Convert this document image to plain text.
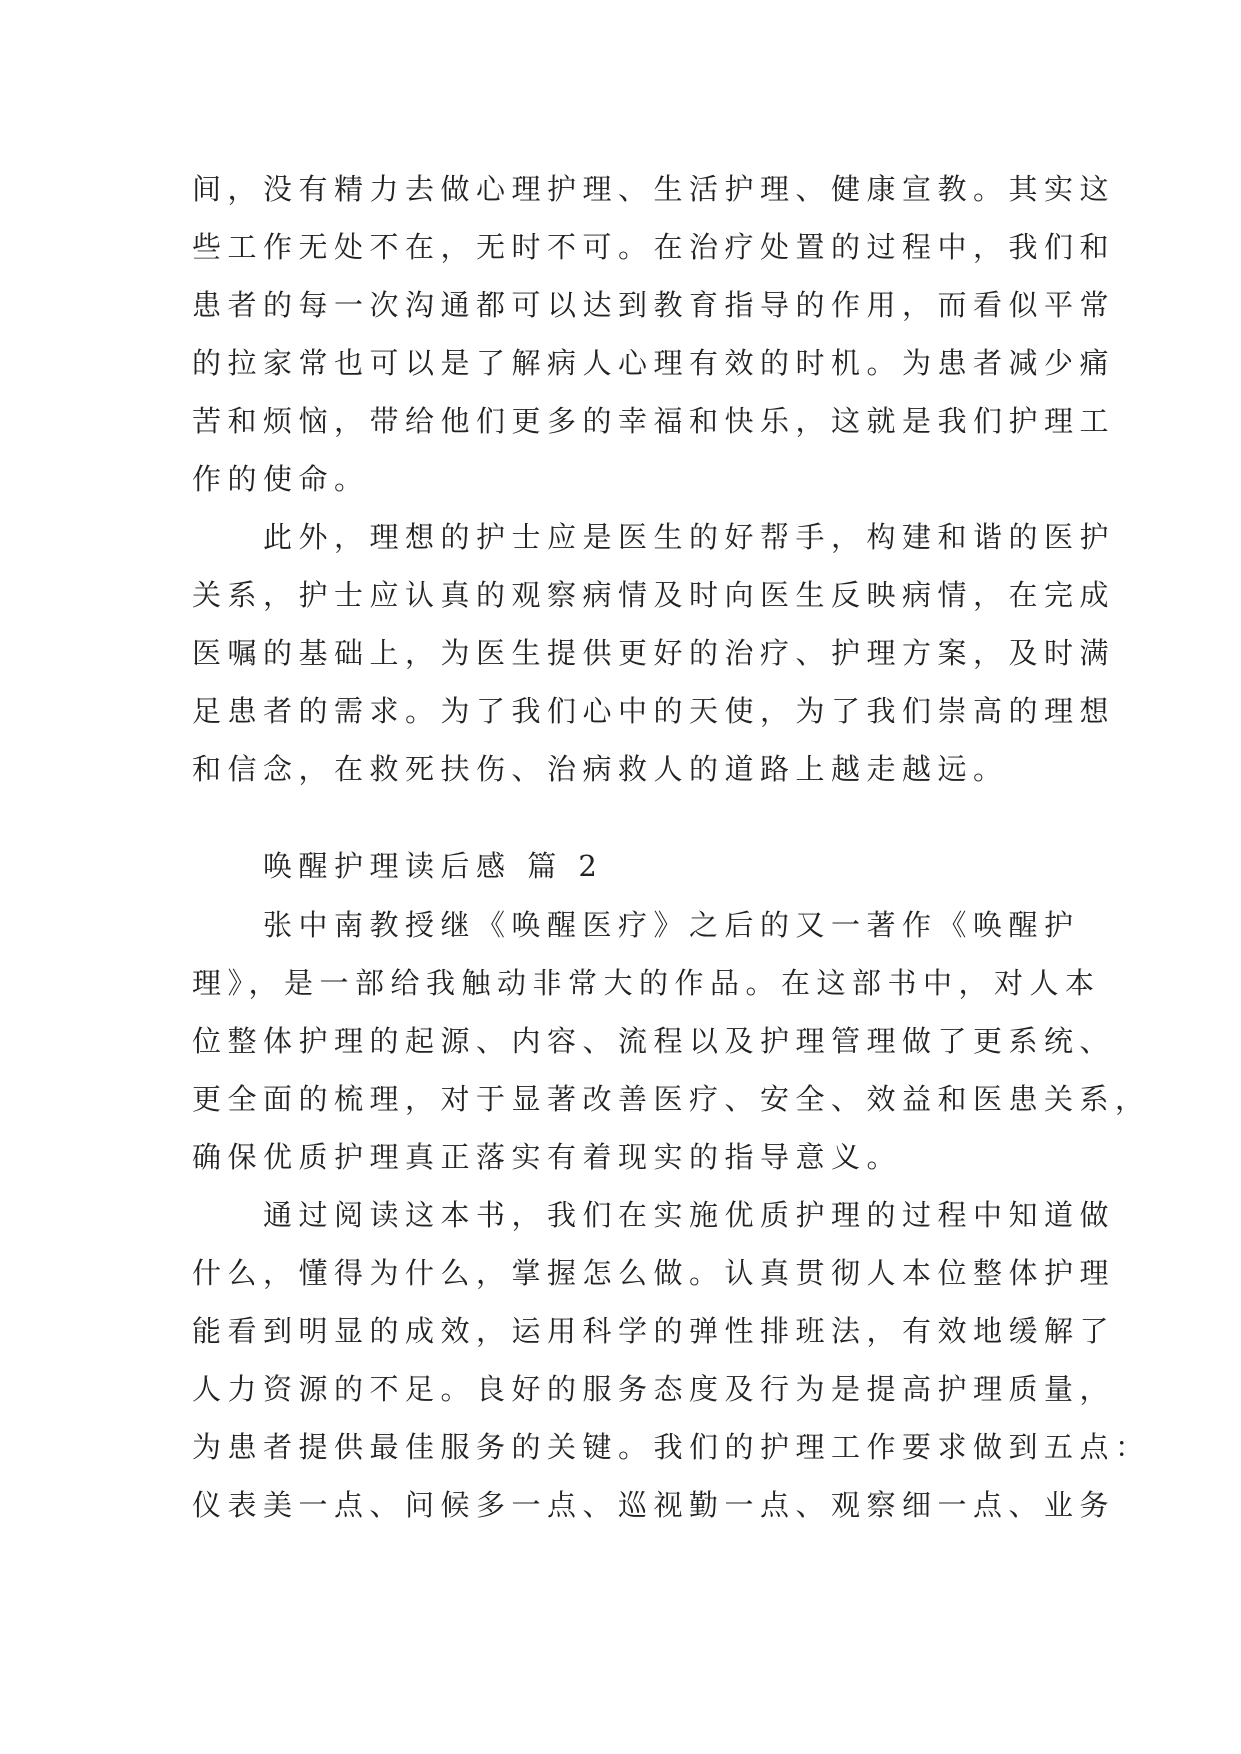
间，没有精力去做心理护理、生活护理、健康宣教。其实这
些工作无处不在，无时不可。在治疗处置的过程中，我们和
患者的每一次沟通都可以达到教育指导的作用，而看似平常
的拉家常也可以是了解病人心理有效的时机。为患者减少痛
苦和烦恼，带给他们更多的幸福和快乐，这就是我们护理工
作的使命。
　　此外，理想的护士应是医生的好帮手，构建和谐的医护
关系，护士应认真的观察病情及时向医生反映病情，在完成
医嘱的基础上，为医生提供更好的治疗、护理方案，及时满
足患者的需求。为了我们心中的天使，为了我们崇高的理想
和信念，在救死扶伤、治病救人的道路上越走越远。
　　唤醒护理读后感 篇 2
　　张中南教授继《唤醒医疗》之后的又一著作《唤醒护
理》，是一部给我触动非常大的作品。在这部书中，对人本
位整体护理的起源、内容、流程以及护理管理做了更系统、
更全面的梳理，对于显著改善医疗、安全、效益和医患关系，
确保优质护理真正落实有着现实的指导意义。
　　通过阅读这本书，我们在实施优质护理的过程中知道做
什么，懂得为什么，掌握怎么做。认真贯彻人本位整体护理
能看到明显的成效，运用科学的弹性排班法，有效地缓解了
人力资源的不足。良好的服务态度及行为是提高护理质量，
为患者提供最佳服务的关键。我们的护理工作要求做到五点：
仪表美一点、问候多一点、巡视勤一点、观察细一点、业务
